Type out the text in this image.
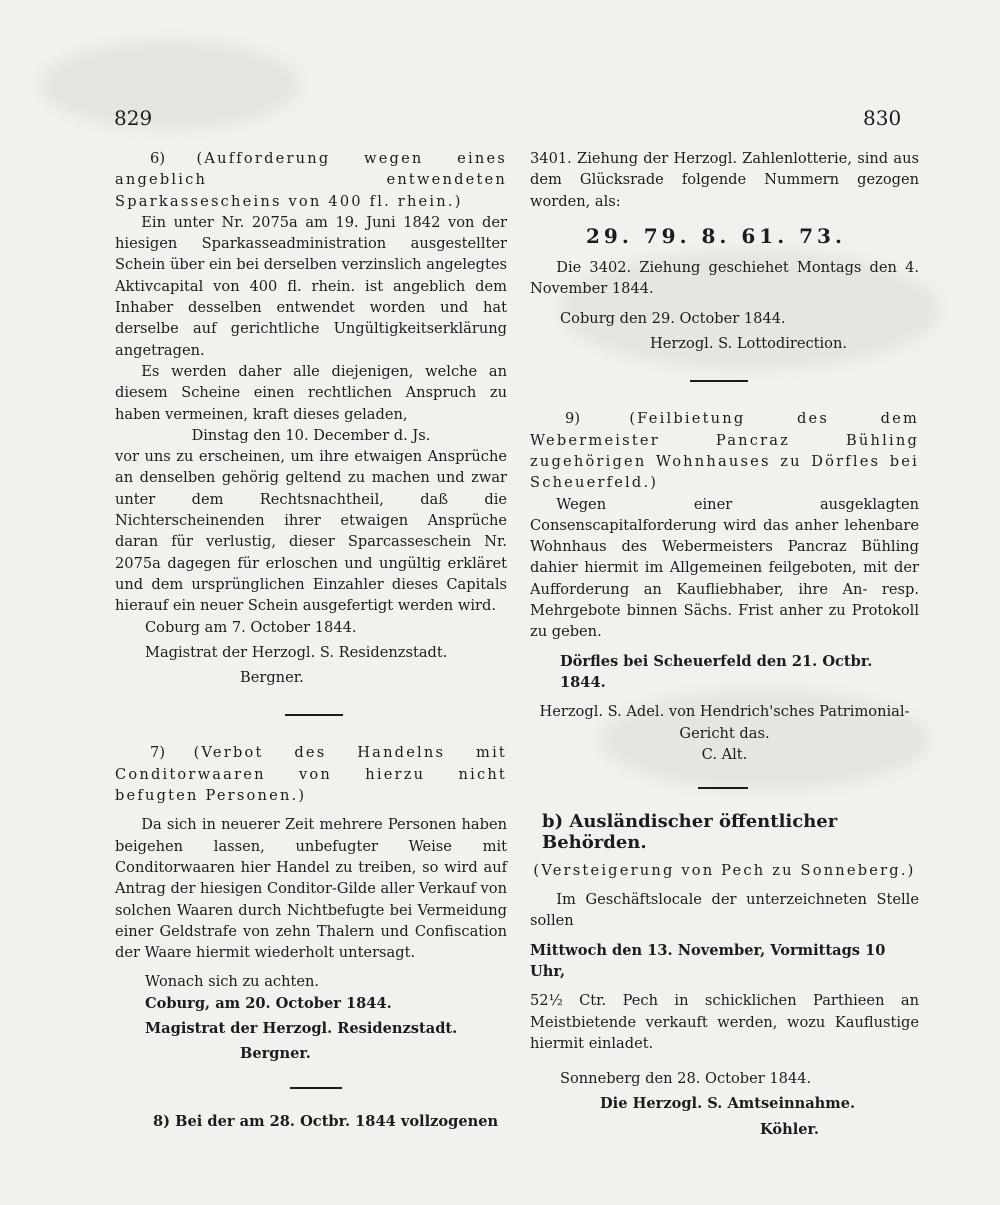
829	830

6) (Aufforderung wegen eines angeblich entwendeten Sparkassescheins von 400 fl. rhein.)

Ein unter Nr. 2075a am 19. Juni 1842 von der hiesigen Sparkasseadministration ausgestellter Schein über ein bei derselben verzinslich angelegtes Aktivcapital von 400 fl. rhein. ist angeblich dem Inhaber desselben entwendet worden und hat derselbe auf gerichtliche Ungültigkeitserklärung angetragen.

Es werden daher alle diejenigen, welche an diesem Scheine einen rechtlichen Anspruch zu haben vermeinen, kraft dieses geladen,

Dinstag den 10. December d. Js.

vor uns zu erscheinen, um ihre etwaigen Ansprüche an denselben gehörig geltend zu machen und zwar unter dem Rechtsnachtheil, daß die Nichterscheinenden ihrer etwaigen Ansprüche daran für verlustig, dieser Sparcasseschein Nr. 2075a dagegen für erloschen und ungültig erkläret und dem ursprünglichen Einzahler dieses Capitals hierauf ein neuer Schein ausgefertigt werden wird.

Coburg am 7. October 1844.

Magistrat der Herzogl. S. Residenzstadt.

Bergner.

7) (Verbot des Handelns mit Conditorwaaren von hierzu nicht befugten Personen.)

Da sich in neuerer Zeit mehrere Personen haben beigehen lassen, unbefugter Weise mit Conditorwaaren hier Handel zu treiben, so wird auf Antrag der hiesigen Conditor-Gilde aller Verkauf von solchen Waaren durch Nichtbefugte bei Vermeidung einer Geldstrafe von zehn Thalern und Confiscation der Waare hiermit wiederholt untersagt.

Wonach sich zu achten.

Coburg, am 20. October 1844.

Magistrat der Herzogl. Residenzstadt.

Bergner.

8) Bei der am 28. Octbr. 1844 vollzogenen

3401. Ziehung der Herzogl. Zahlenlotterie, sind aus dem Glücksrade folgende Nummern gezogen worden, als:

29. 79. 8. 61. 73.

Die 3402. Ziehung geschiehet Montags den 4. November 1844.

Coburg den 29. October 1844.

Herzogl. S. Lottodirection.

9)	(Feilbietung des dem Webermeister Pancraz Bühling zugehörigen Wohnhauses zu Dörfles bei Scheuerfeld.)

Wegen einer ausgeklagten Consenscapitalforderung wird das anher lehenbare Wohnhaus des Webermeisters Pancraz Bühling dahier hiermit im Allgemeinen feilgeboten, mit der Aufforderung an Kaufliebhaber, ihre An- resp. Mehrgebote binnen Sächs. Frist anher zu Protokoll zu geben.

Dörfles bei Scheuerfeld den 21. Octbr. 1844.

Herzogl. S. Adel. von Hendrich'sches Patrimonial-Gericht das.

C. Alt.

b) Ausländischer öffentlicher Behörden.

(Versteigerung von Pech zu Sonneberg.)

Im Geschäftslocale der unterzeichneten Stelle sollen

Mittwoch den 13. November, Vormittags 10 Uhr,

52½ Ctr. Pech in schicklichen Parthieen an Meistbietende verkauft werden, wozu Kauflustige hiermit einladet.

Sonneberg den 28. October 1844.

Die Herzogl. S. Amtseinnahme.

Köhler.
